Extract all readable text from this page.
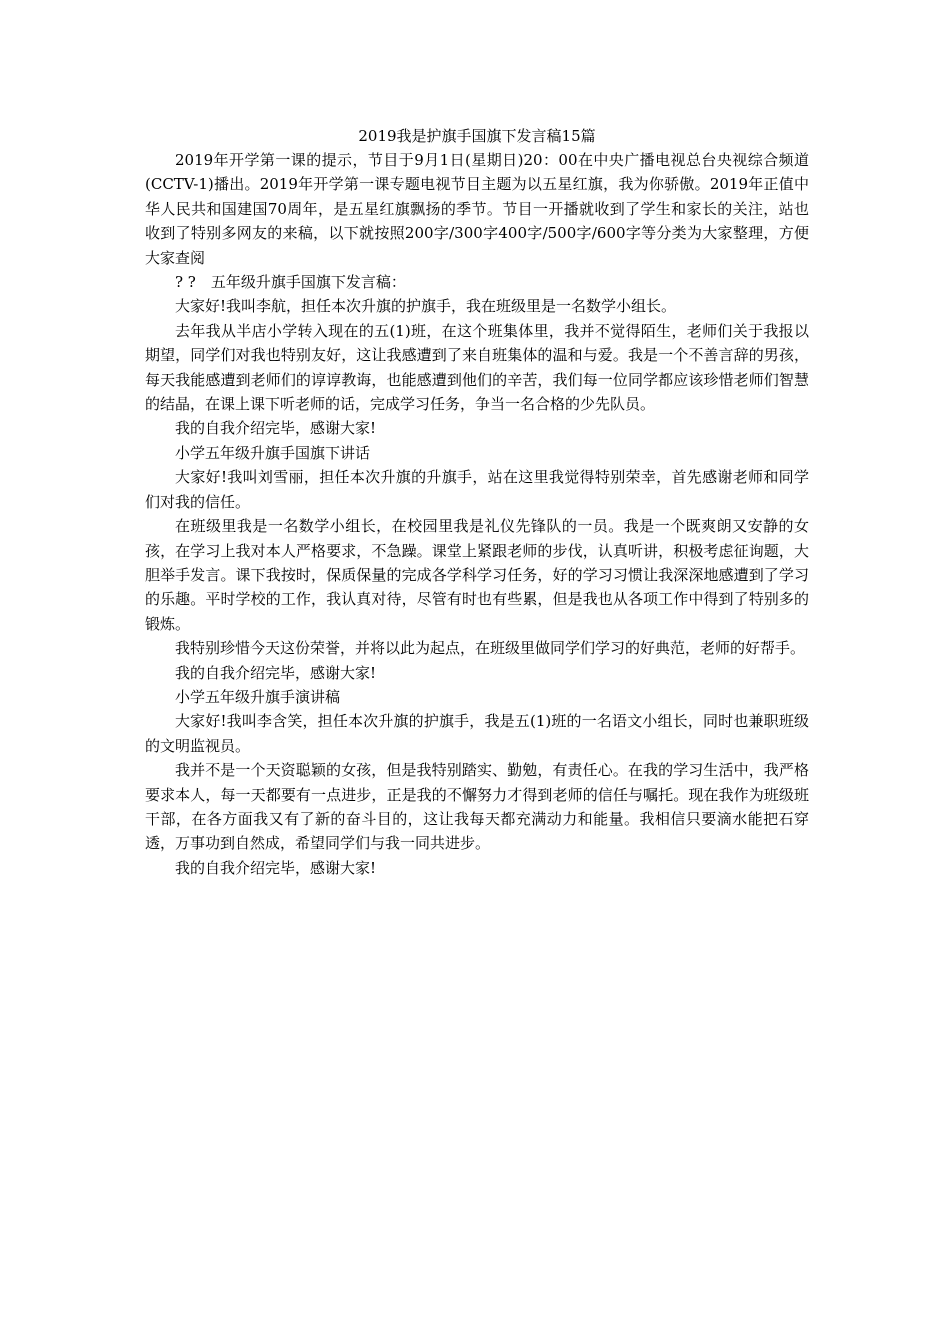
2019我是护旗手国旗下发言稿15篇

2019年开学第一课的提示，节目于9月1日(星期日)20：00在中央广播电视总台央视综合频道(CCTV-1)播出。2019年开学第一课专题电视节目主题为以五星红旗，我为你骄傲。2019年正值中华人民共和国建国70周年，是五星红旗飘扬的季节。节目一开播就收到了学生和家长的关注，站也收到了特别多网友的来稿，以下就按照200字/300字400字/500字/600字等分类为大家整理，方便大家查阅

? ?　五年级升旗手国旗下发言稿：

大家好!我叫李航，担任本次升旗的护旗手，我在班级里是一名数学小组长。

去年我从半店小学转入现在的五(1)班，在这个班集体里，我并不觉得陌生，老师们关于我报以期望，同学们对我也特别友好，这让我感遭到了来自班集体的温和与爱。我是一个不善言辞的男孩，每天我能感遭到老师们的谆谆教诲，也能感遭到他们的辛苦，我们每一位同学都应该珍惜老师们智慧的结晶，在课上课下听老师的话，完成学习任务，争当一名合格的少先队员。

我的自我介绍完毕，感谢大家!

小学五年级升旗手国旗下讲话

大家好!我叫刘雪丽，担任本次升旗的升旗手，站在这里我觉得特别荣幸，首先感谢老师和同学们对我的信任。

在班级里我是一名数学小组长，在校园里我是礼仪先锋队的一员。我是一个既爽朗又安静的女孩，在学习上我对本人严格要求，不急躁。课堂上紧跟老师的步伐，认真听讲，积极考虑征询题，大胆举手发言。课下我按时，保质保量的完成各学科学习任务，好的学习习惯让我深深地感遭到了学习的乐趣。平时学校的工作，我认真对待，尽管有时也有些累，但是我也从各项工作中得到了特别多的锻炼。

我特别珍惜今天这份荣誉，并将以此为起点，在班级里做同学们学习的好典范，老师的好帮手。

我的自我介绍完毕，感谢大家!

小学五年级升旗手演讲稿

大家好!我叫李含笑，担任本次升旗的护旗手，我是五(1)班的一名语文小组长，同时也兼职班级的文明监视员。

我并不是一个天资聪颖的女孩，但是我特别踏实、勤勉，有责任心。在我的学习生活中，我严格要求本人，每一天都要有一点进步，正是我的不懈努力才得到老师的信任与嘱托。现在我作为班级班干部，在各方面我又有了新的奋斗目的，这让我每天都充满动力和能量。我相信只要滴水能把石穿透，万事功到自然成，希望同学们与我一同共进步。

我的自我介绍完毕，感谢大家!
